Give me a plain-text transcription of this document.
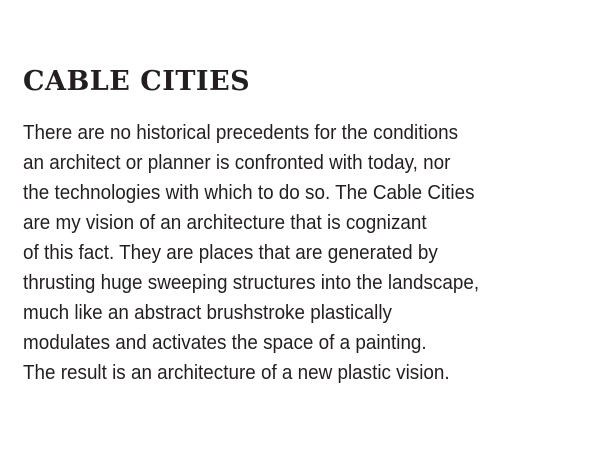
CABLE CITIES

There are no historical precedents for the conditions
an architect or planner is confronted with today, nor
the technologies with which to do so. The Cable Cities
are my vision of an architecture that is cognizant
of this fact. They are places that are generated by
thrusting huge sweeping structures into the landscape,
much like an abstract brushstroke plastically
modulates and activates the space of a painting.
The result is an architecture of a new plastic vision.
